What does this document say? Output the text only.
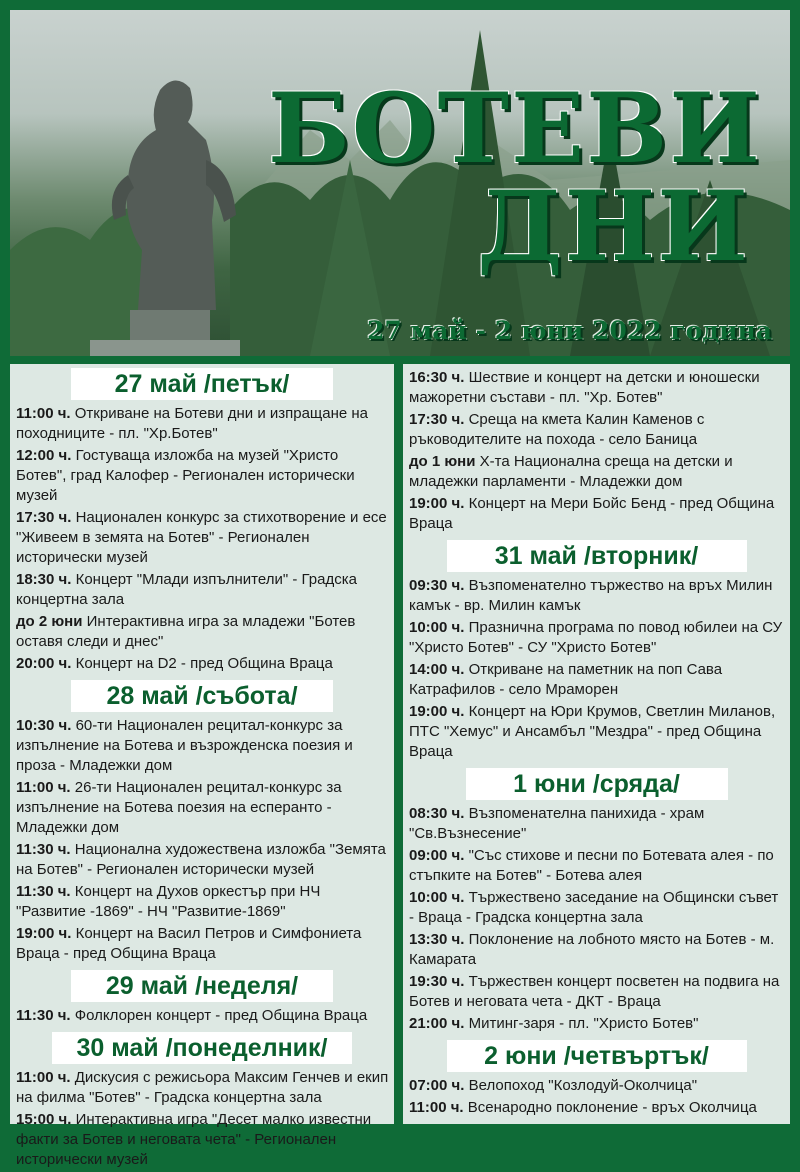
БОТЕВИ
ДНИ
27 май - 2 юни 2022 година
27 май /петък/
11:00 ч. Откриване на Ботеви дни и изпращане на походниците - пл. "Хр.Ботев"
12:00 ч. Гостуваща изложба на музей "Христо Ботев", град Калофер - Регионален исторически музей
17:30 ч. Национален конкурс за стихотворение и есе "Живеем в земята на Ботев" - Регионален исторически музей
18:30 ч. Концерт "Млади изпълнители" - Градска концертна зала
до 2 юни Интерактивна игра за младежи "Ботев оставя следи и днес"
20:00 ч. Концерт на D2 - пред Община Враца
28 май /събота/
10:30 ч. 60-ти Национален рецитал-конкурс за изпълнение на Ботева и възрожденска поезия и проза - Младежки дом
11:00 ч. 26-ти Национален рецитал-конкурс за изпълнение на Ботева поезия на есперанто - Младежки дом
11:30 ч. Национална художествена изложба "Земята на Ботев" - Регионален исторически музей
11:30 ч. Концерт на Духов оркестър при НЧ "Развитие -1869" - НЧ "Развитие-1869"
19:00 ч. Концерт на Васил Петров и Симфониета Враца - пред Община Враца
29 май /неделя/
11:30 ч. Фолклорен концерт - пред Община Враца
30 май /понеделник/
11:00 ч. Дискусия с режисьора Максим Генчев и екип на филма "Ботев" - Градска концертна зала
15:00 ч. Интерактивна игра "Десет малко известни факти за Ботев и неговата чета" - Регионален исторически музей
16:30 ч. Шествие и концерт на детски и юношески мажоретни състави - пл. "Хр. Ботев"
17:30 ч. Среща на кмета Калин Каменов с ръководителите на похода - село Баница
до 1 юни Х-та Национална среща на детски и младежки парламенти - Младежки дом
19:00 ч. Концерт на Мери Бойс Бенд - пред Община Враца
31 май /вторник/
09:30 ч. Възпоменателно тържество на връх Милин камък - вр. Милин камък
10:00 ч. Празнична програма по повод юбилеи на СУ "Христо Ботев" - СУ "Христо Ботев"
14:00 ч. Откриване на паметник на поп Сава Катрафилов - село Мраморен
19:00 ч. Концерт на Юри Крумов, Светлин Миланов, ПТС "Хемус" и Ансамбъл "Мездра" - пред Община Враца
1 юни /сряда/
08:30 ч. Възпоменателна панихида - храм "Св.Възнесение"
09:00 ч. "Със стихове и песни по Ботевата алея - по стъпките на Ботев" - Ботева алея
10:00 ч. Тържествено заседание на Общински съвет - Враца - Градска концертна зала
13:30 ч. Поклонение на лобното място на Ботев - м. Камарата
19:30 ч. Тържествен концерт посветен на подвига на Ботев и неговата чета - ДКТ - Враца
21:00 ч. Митинг-заря - пл. "Христо Ботев"
2 юни /четвъртък/
07:00 ч. Велопоход "Козлодуй-Околчица"
11:00 ч. Всенародно поклонение - връх Околчица
